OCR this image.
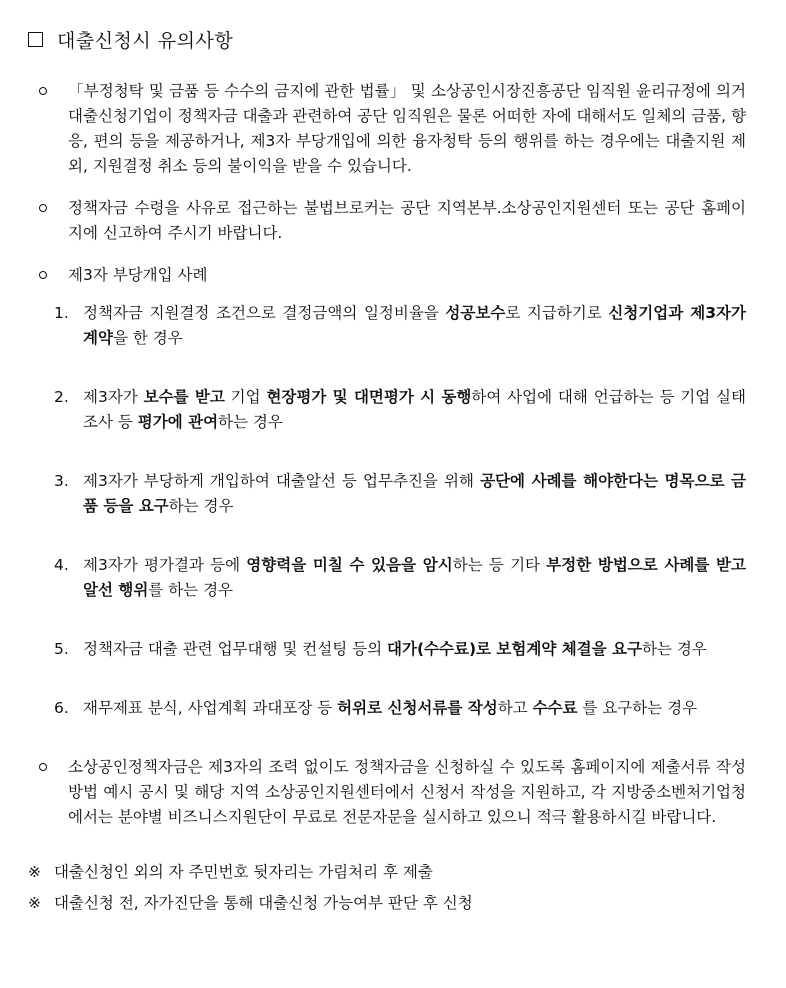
대출신청시 유의사항
「부정청탁 및 금품 등 수수의 금지에 관한 법률」 및 소상공인시장진흥공단 임직원 윤리규정에 의거 대출신청기업이 정책자금 대출과 관련하여 공단 임직원은 물론 어떠한 자에 대해서도 일체의 금품, 향응, 편의 등을 제공하거나, 제3자 부당개입에 의한 융자청탁 등의 행위를 하는 경우에는 대출지원 제외, 지원결정 취소 등의 불이익을 받을 수 있습니다.
정책자금 수령을 사유로 접근하는 불법브로커는 공단 지역본부.소상공인지원센터 또는 공단 홈페이지에 신고하여 주시기 바랍니다.
제3자 부당개입 사례
1. 정책자금 지원결정 조건으로 결정금액의 일정비율을 성공보수로 지급하기로 신청기업과 제3자가 계약을 한 경우
2. 제3자가 보수를 받고 기업 현장평가 및 대면평가 시 동행하여 사업에 대해 언급하는 등 기업 실태조사 등 평가에 관여하는 경우
3. 제3자가 부당하게 개입하여 대출알선 등 업무추진을 위해 공단에 사례를 해야한다는 명목으로 금품 등을 요구하는 경우
4. 제3자가 평가결과 등에 영향력을 미칠 수 있음을 암시하는 등 기타 부정한 방법으로 사례를 받고 알선 행위를 하는 경우
5. 정책자금 대출 관련 업무대행 및 컨설팅 등의 대가(수수료)로 보험계약 체결을 요구하는 경우
6. 재무제표 분식, 사업계획 과대포장 등 허위로 신청서류를 작성하고 수수료 를 요구하는 경우
소상공인정책자금은 제3자의 조력 없이도 정책자금을 신청하실 수 있도록 홈페이지에 제출서류 작성방법 예시 공시 및 해당 지역 소상공인지원센터에서 신청서 작성을 지원하고, 각 지방중소벤처기업청에서는 분야별 비즈니스지원단이 무료로 전문자문을 실시하고 있으니 적극 활용하시길 바랍니다.
※ 대출신청인 외의 자 주민번호 뒷자리는 가림처리 후 제출
※ 대출신청 전, 자가진단을 통해 대출신청 가능여부 판단 후 신청
